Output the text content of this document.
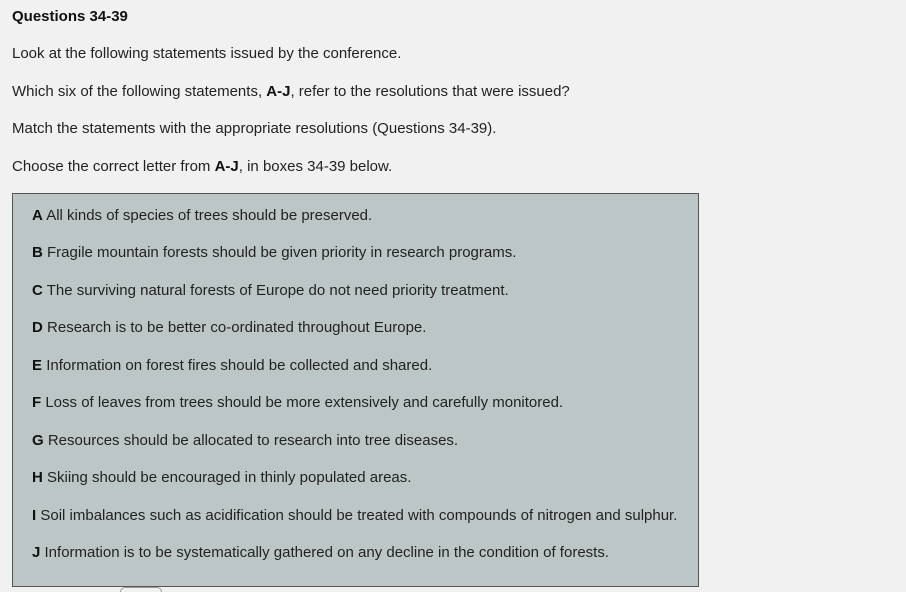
Questions 34-39
Look at the following statements issued by the conference.
Which six of the following statements, A-J, refer to the resolutions that were issued?
Match the statements with the appropriate resolutions (Questions 34-39).
Choose the correct letter from A-J, in boxes 34-39 below.
A All kinds of species of trees should be preserved.
B Fragile mountain forests should be given priority in research programs.
C The surviving natural forests of Europe do not need priority treatment.
D Research is to be better co-ordinated throughout Europe.
E Information on forest fires should be collected and shared.
F Loss of leaves from trees should be more extensively and carefully monitored.
G Resources should be allocated to research into tree diseases.
H Skiing should be encouraged in thinly populated areas.
I Soil imbalances such as acidification should be treated with compounds of nitrogen and sulphur.
J Information is to be systematically gathered on any decline in the condition of forests.
